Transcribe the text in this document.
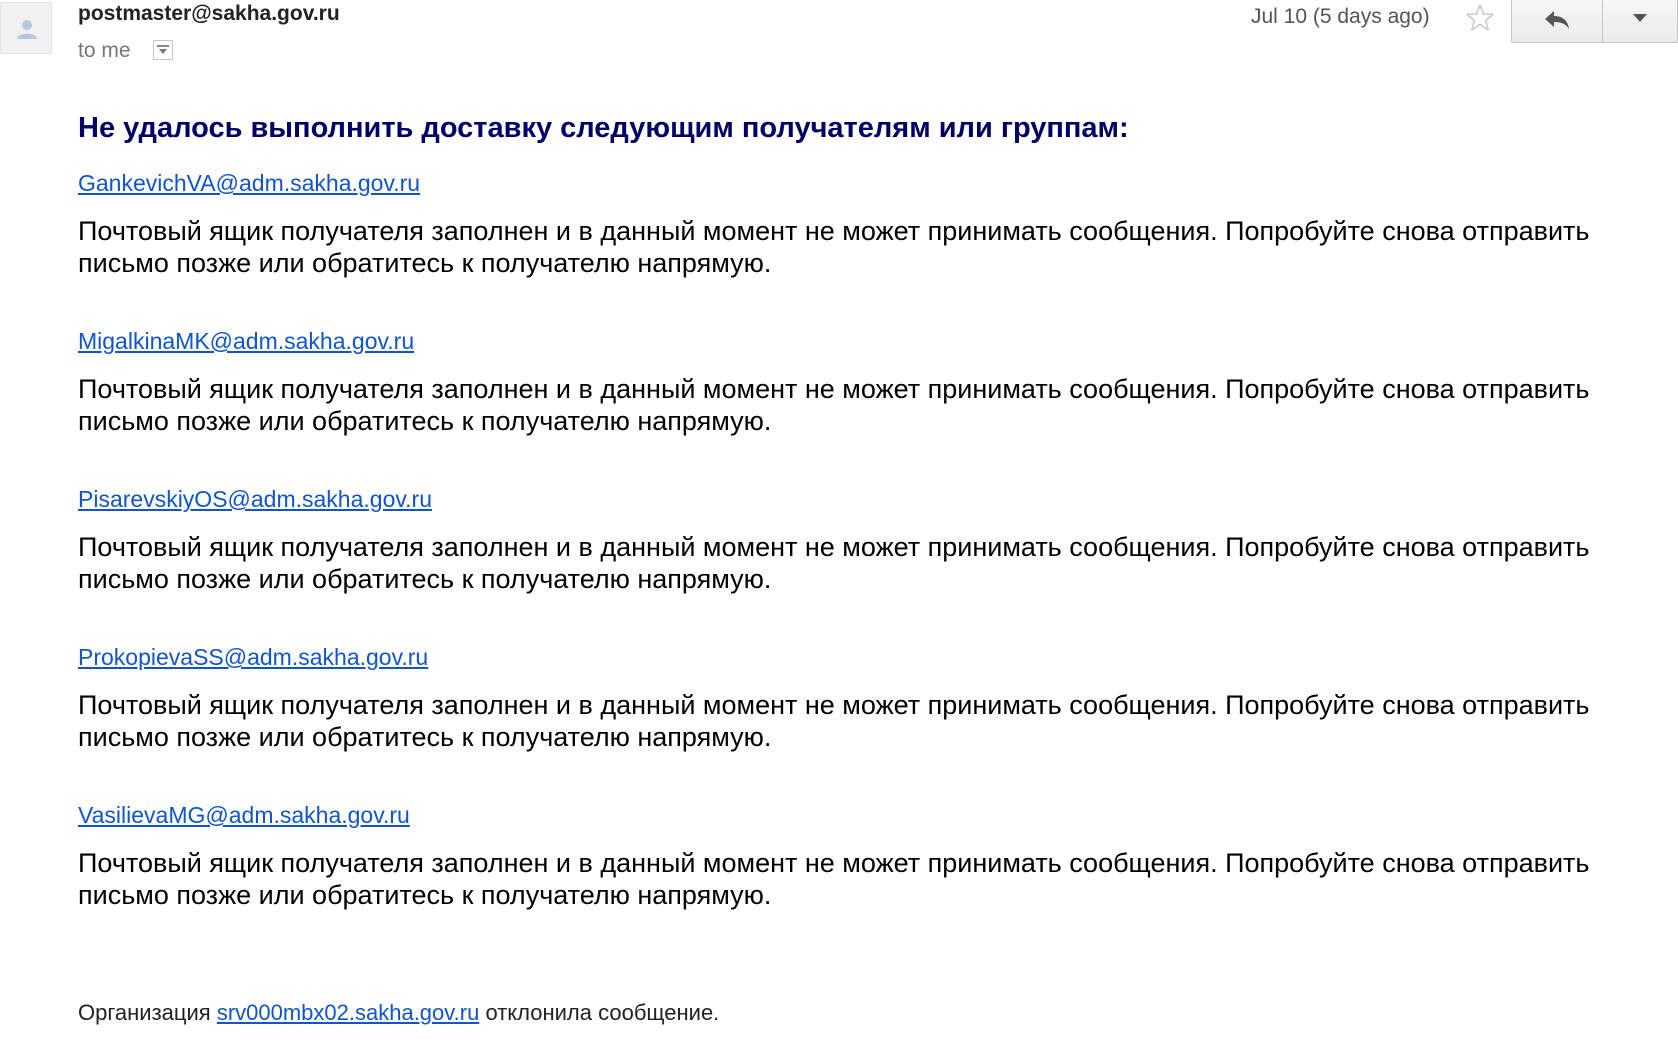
postmaster@sakha.gov.ru
to me
Jul 10 (5 days ago)
Не удалось выполнить доставку следующим получателям или группам:
GankevichVA@adm.sakha.gov.ru
Почтовый ящик получателя заполнен и в данный момент не может принимать сообщения. Попробуйте снова отправить письмо позже или обратитесь к получателю напрямую.
MigalkinaMK@adm.sakha.gov.ru
Почтовый ящик получателя заполнен и в данный момент не может принимать сообщения. Попробуйте снова отправить письмо позже или обратитесь к получателю напрямую.
PisarevskiyOS@adm.sakha.gov.ru
Почтовый ящик получателя заполнен и в данный момент не может принимать сообщения. Попробуйте снова отправить письмо позже или обратитесь к получателю напрямую.
ProkopievaSS@adm.sakha.gov.ru
Почтовый ящик получателя заполнен и в данный момент не может принимать сообщения. Попробуйте снова отправить письмо позже или обратитесь к получателю напрямую.
VasilievaMG@adm.sakha.gov.ru
Почтовый ящик получателя заполнен и в данный момент не может принимать сообщения. Попробуйте снова отправить письмо позже или обратитесь к получателю напрямую.
Организация srv000mbx02.sakha.gov.ru отклонила сообщение.
